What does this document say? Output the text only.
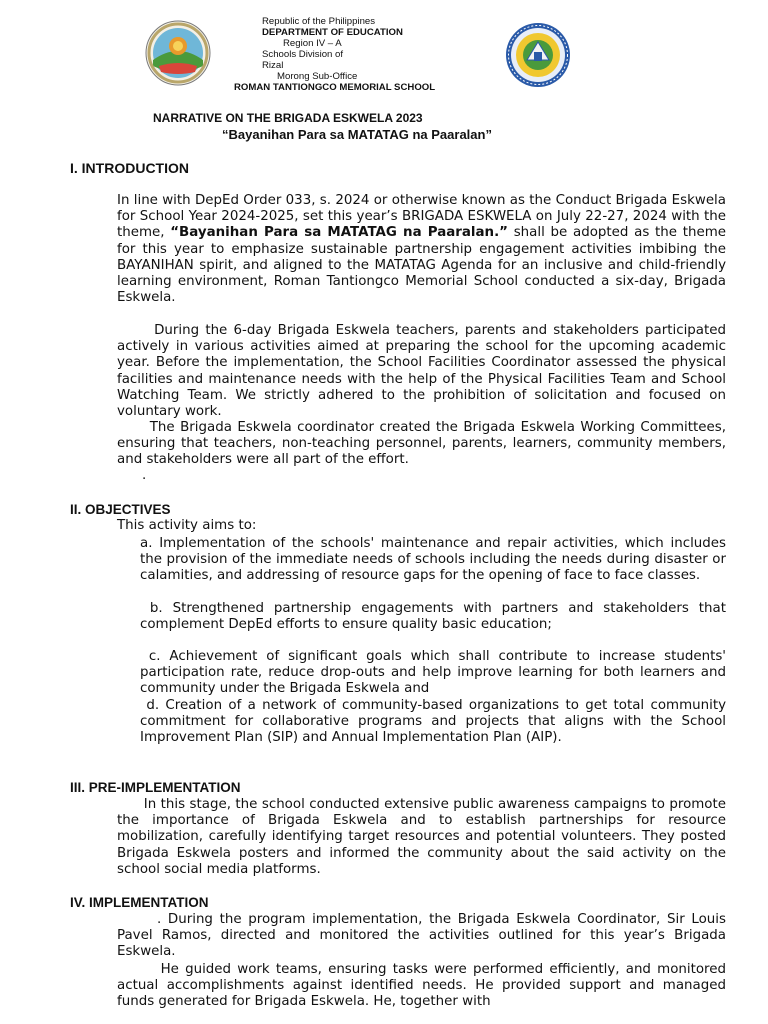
Republic of the Philippines
DEPARTMENT OF EDUCATION
Region IV – A
Schools Division of
Rizal
Morong Sub-Office
ROMAN TANTIONGCO MEMORIAL SCHOOL
NARRATIVE ON THE BRIGADA ESKWELA 2023
“Bayanihan Para sa MATATAG na Paaralan”
I. INTRODUCTION

In line with DepEd Order 033, s. 2024 or otherwise known as the Conduct Brigada Eskwela for School Year 2024-2025, set this year’s BRIGADA ESKWELA on July 22-27, 2024 with the theme, “Bayanihan Para sa MATATAG na Paaralan.” shall be adopted as the theme for this year to emphasize sustainable partnership engagement activities imbibing the BAYANIHAN spirit, and aligned to the MATATAG Agenda for an inclusive and child-friendly learning environment, Roman Tantiongco Memorial School conducted a six-day, Brigada Eskwela.

During the 6-day Brigada Eskwela teachers, parents and stakeholders participated actively in various activities aimed at preparing the school for the upcoming academic year. Before the implementation, the School Facilities Coordinator assessed the physical facilities and maintenance needs with the help of the Physical Facilities Team and School Watching Team. We strictly adhered to the prohibition of solicitation and focused on voluntary work.

The Brigada Eskwela coordinator created the Brigada Eskwela Working Committees, ensuring that teachers, non-teaching personnel, parents, learners, community members, and stakeholders were all part of the effort.

.
II. OBJECTIVES
This activity aims to:

a. Implementation of the schools' maintenance and repair activities, which includes the provision of the immediate needs of schools including the needs during disaster or calamities, and addressing of resource gaps for the opening of face to face classes.

b. Strengthened partnership engagements with partners and stakeholders that complement DepEd efforts to ensure quality basic education;

c. Achievement of significant goals which shall contribute to increase students' participation rate, reduce drop-outs and help improve learning for both learners and community under the Brigada Eskwela and

d. Creation of a network of community-based organizations to get total community commitment for collaborative programs and projects that aligns with the School Improvement Plan (SIP) and Annual Implementation Plan (AIP).

III. PRE-IMPLEMENTATION

In this stage, the school conducted extensive public awareness campaigns to promote the importance of Brigada Eskwela and to establish partnerships for resource mobilization, carefully identifying target resources and potential volunteers. They posted Brigada Eskwela posters and informed the community about the said activity on the school social media platforms.

IV. IMPLEMENTATION

. During the program implementation, the Brigada Eskwela Coordinator, Sir Louis Pavel Ramos, directed and monitored the activities outlined for this year’s Brigada Eskwela.

He guided work teams, ensuring tasks were performed efficiently, and monitored actual accomplishments against identified needs. He provided support and managed funds generated for Brigada Eskwela. He, together with
